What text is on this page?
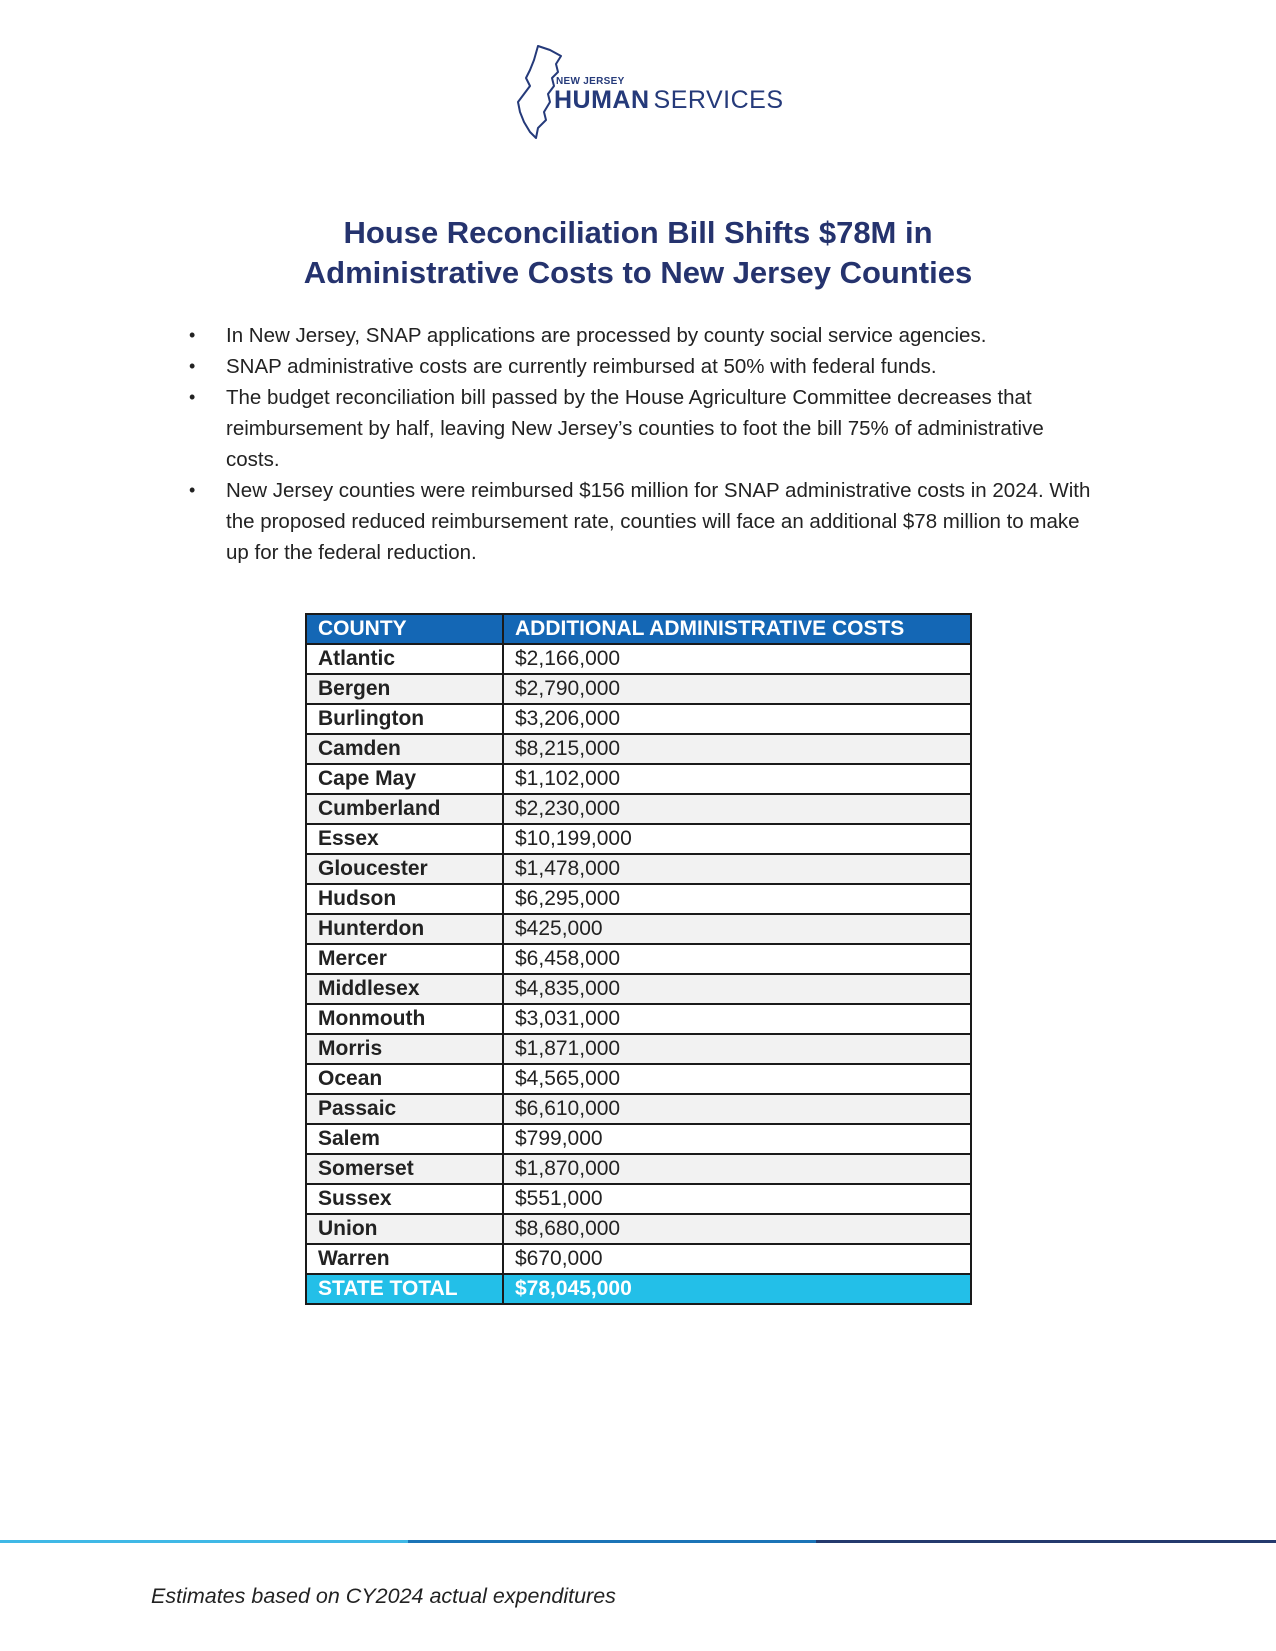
NEW JERSEY
HUMAN SERVICES
House Reconciliation Bill Shifts $78M in
Administrative Costs to New Jersey Counties
• In New Jersey, SNAP applications are processed by county social service agencies.
• SNAP administrative costs are currently reimbursed at 50% with federal funds.
• The budget reconciliation bill passed by the House Agriculture Committee decreases that reimbursement by half, leaving New Jersey’s counties to foot the bill 75% of administrative costs.
• New Jersey counties were reimbursed $156 million for SNAP administrative costs in 2024. With the proposed reduced reimbursement rate, counties will face an additional $78 million to make up for the federal reduction.
COUNTY	ADDITIONAL ADMINISTRATIVE COSTS
Atlantic	$2,166,000
Bergen	$2,790,000
Burlington	$3,206,000
Camden	$8,215,000
Cape May	$1,102,000
Cumberland	$2,230,000
Essex	$10,199,000
Gloucester	$1,478,000
Hudson	$6,295,000
Hunterdon	$425,000
Mercer	$6,458,000
Middlesex	$4,835,000
Monmouth	$3,031,000
Morris	$1,871,000
Ocean	$4,565,000
Passaic	$6,610,000
Salem	$799,000
Somerset	$1,870,000
Sussex	$551,000
Union	$8,680,000
Warren	$670,000
STATE TOTAL	$78,045,000
Estimates based on CY2024 actual expenditures
